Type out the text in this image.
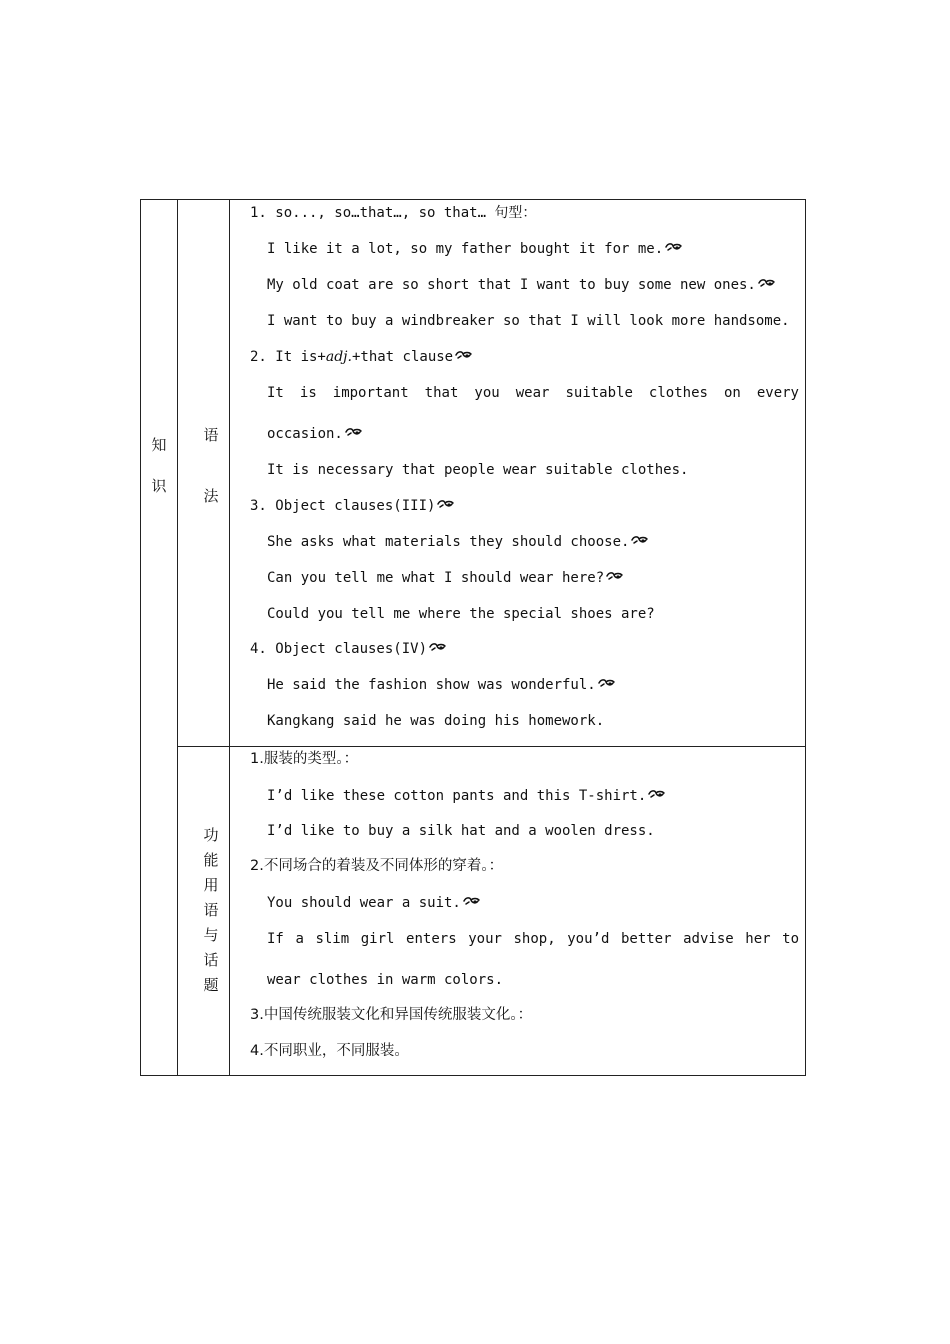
知
识
语
法
功
能
用
语
与
话
题
1. so..., so…that…, so that… 句型：
I like it a lot, so my father bought it for me.
My old coat are so short that I want to buy some new ones.
I want to buy a windbreaker so that I will look more handsome.
2. It is+adj.+that clause
It is important that you wear suitable clothes on every
occasion.
It is necessary that people wear suitable clothes.
3. Object clauses(III)
She asks what materials they should choose.
Can you tell me what I should wear here?
Could you tell me where the special shoes are?
4. Object clauses(IV)
He said the fashion show was wonderful.
Kangkang said he was doing his homework.
1.服装的类型。：
I’d like these cotton pants and this T-shirt.
I’d like to buy a silk hat and a woolen dress.
2.不同场合的着装及不同体形的穿着。：
You should wear a suit.
If a slim girl enters your shop, you’d better advise her to
wear clothes in warm colors.
3.中国传统服装文化和异国传统服装文化。：
4.不同职业，不同服装。
